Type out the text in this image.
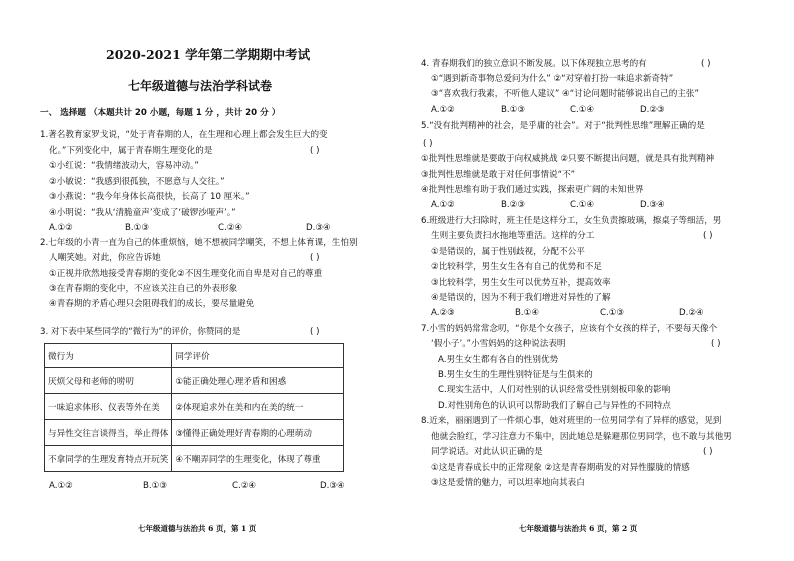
2020-2021 学年第二学期期中考试
七年级道德与法治学科试卷
一、 选择题 （本题共计 20 小题，每题 1 分 ，共计 20 分 ）
1.著名教育家罗戈说，“处于青春期的人，在生理和心理上都会发生巨大的变
化。”下列变化中，属于青春期生理变化的是	( )
①小红说：“我情绪波动大，容易冲动。”
②小敏说：“我感到很孤独，不愿意与人交往。”
③小燕说：“我今年身体长高很快，长高了 10 厘米。”
④小明说：“我从‘清脆童声’变成了‘破锣沙哑声’。”
A.①②	B.①③	C.②④	D.③④
2.七年级的小青一直为自己的体重烦恼，她不想被同学嘲笑，不想上体育课，生怕别
人嘲笑她。对此，你应告诉她	( )
①正视并欣然地接受青春期的变化②不因生理变化而自卑是对自己的尊重
③在青春期的变化中，不应该关注自己的外表形象
④青春期的矛盾心理只会阻碍我们的成长，要尽量避免
3. 对下表中某些同学的“微行为”的评价，你赞同的是	( )
微行为	同学评价
厌烦父母和老师的唠叨	①能正确处理心理矛盾和困惑
一味追求体形、仪表等外在美	②体现追求外在美和内在美的统一
与异性交往言谈得当，举止得体	③懂得正确处理好青春期的心理萌动
不拿同学的生理发育特点开玩笑	④不嘲弄同学的生理变化，体现了尊重
A.①②	B.①③	C.②④	D.③④
七年级道德与法治共 6 页，第 1 页
4. 青春期我们的独立意识不断发展。以下体现独立思考的有	( )
①“遇到新奇事物总爱问为什么” ②“对穿着打扮一味追求新奇特”
③“喜欢我行我素，不听他人建议” ④“讨论问题时能够说出自己的主张”
A.①②	B.①③	C.①④	D.②③
5.“没有批判精神的社会，是乎庸的社会”。对于“批判性思维”理解正确的是
( )
①批判性思维就是要敢于向权威挑战 ②只要不断提出问题，就是具有批判精神
③批判性思维就是敢于对任何事情说“不”
④批判性思维有助于我们通过实践，探索更广阔的未知世界
A.①②	B.②③	C.①④	D.③④
6.班级进行大扫除时，班主任是这样分工，女生负责擦玻璃，擦桌子等细活，男
生则主要负责扫水拖地等重活。这样的分工	( )
①是错误的，属于性别歧视，分配不公平
②比较科学，男生女生各有自己的优势和不足
③比较科学，男生女生可以优势互补，提高效率
④是错误的，因为不利于我们增进对异性的了解
A.②③	B.①④	C.①③	D.②④
7.小雪的妈妈常常念叨，“你是个女孩子，应该有个女孩的样子，不要每天像个
‘假小子’。”小雪妈妈的这种说法表明	( )
A.男生女生都有各自的性别优势
B.男生女生的生理性别特征是与生俱来的
C.现实生活中，人们对性别的认识经常受性别刻板印象的影响
D.对性别角色的认识可以帮助我们了解自己与异性的不同特点
8.近来，丽丽遇到了一件烦心事，她对班里的一位男同学有了异样的感觉，见到
他就会脸红，学习注意力不集中，因此她总是躲避那位男同学，也不敢与其他男
同学说话。对此认识正确的是	( )
①这是青春成长中的正常现象 ②这是青春期萌发的对异性朦胧的情感
③这是爱情的魅力，可以坦率地向其表白
七年级道德与法治共 6 页，第 2 页
